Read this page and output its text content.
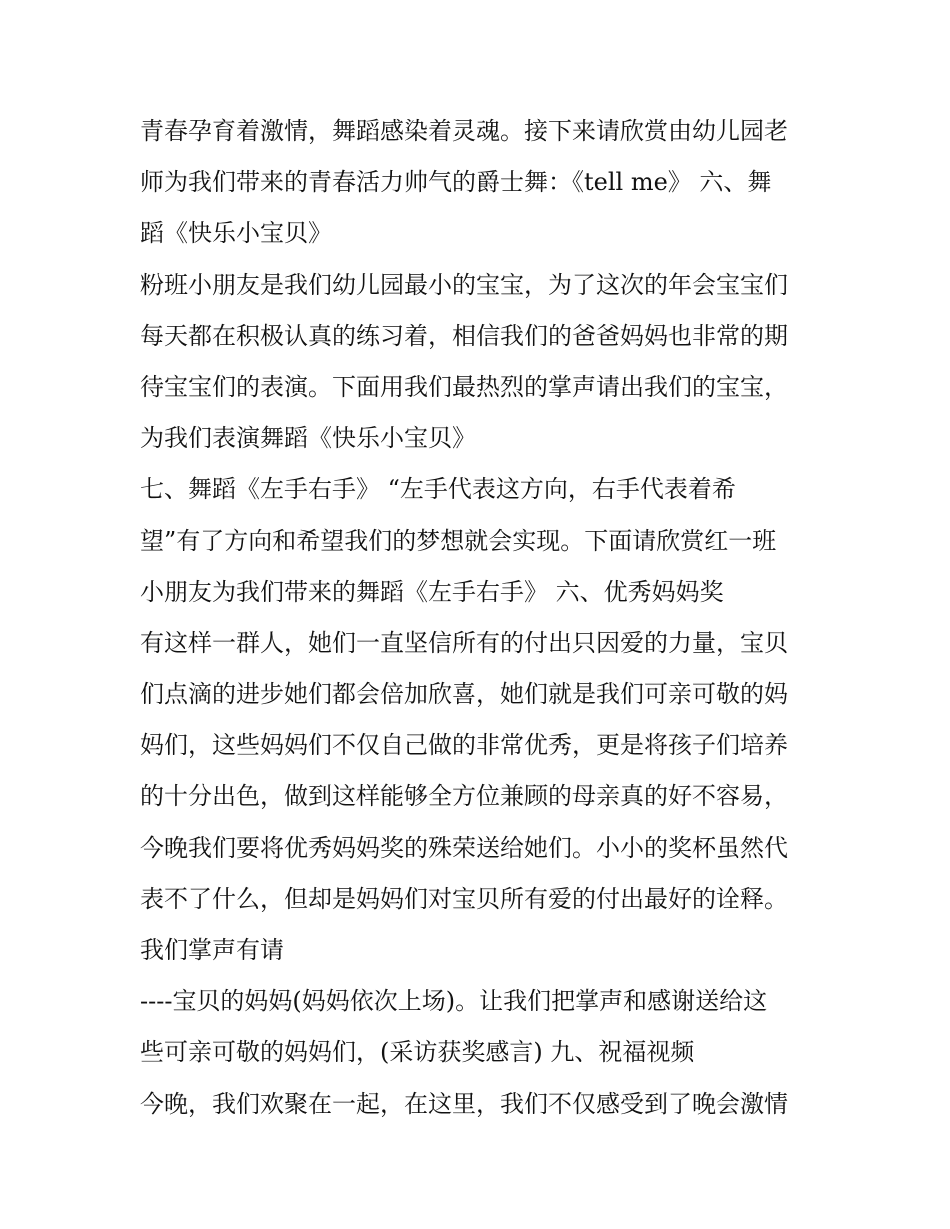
青春孕育着激情，舞蹈感染着灵魂。接下来请欣赏由幼儿园老
师为我们带来的青春活力帅气的爵士舞：《tell me》 六、舞
蹈《快乐小宝贝》
粉班小朋友是我们幼儿园最小的宝宝，为了这次的年会宝宝们
每天都在积极认真的练习着，相信我们的爸爸妈妈也非常的期
待宝宝们的表演。下面用我们最热烈的掌声请出我们的宝宝，
为我们表演舞蹈《快乐小宝贝》
七、舞蹈《左手右手》 “左手代表这方向，右手代表着希
望”有了方向和希望我们的梦想就会实现。下面请欣赏红一班
小朋友为我们带来的舞蹈《左手右手》 六、优秀妈妈奖
有这样一群人，她们一直坚信所有的付出只因爱的力量，宝贝
们点滴的进步她们都会倍加欣喜，她们就是我们可亲可敬的妈
妈们，这些妈妈们不仅自己做的非常优秀，更是将孩子们培养
的十分出色，做到这样能够全方位兼顾的母亲真的好不容易，
今晚我们要将优秀妈妈奖的殊荣送给她们。小小的奖杯虽然代
表不了什么，但却是妈妈们对宝贝所有爱的付出最好的诠释。
我们掌声有请
----宝贝的妈妈(妈妈依次上场)。让我们把掌声和感谢送给这
些可亲可敬的妈妈们，(采访获奖感言) 九、祝福视频
今晚，我们欢聚在一起，在这里，我们不仅感受到了晚会激情
